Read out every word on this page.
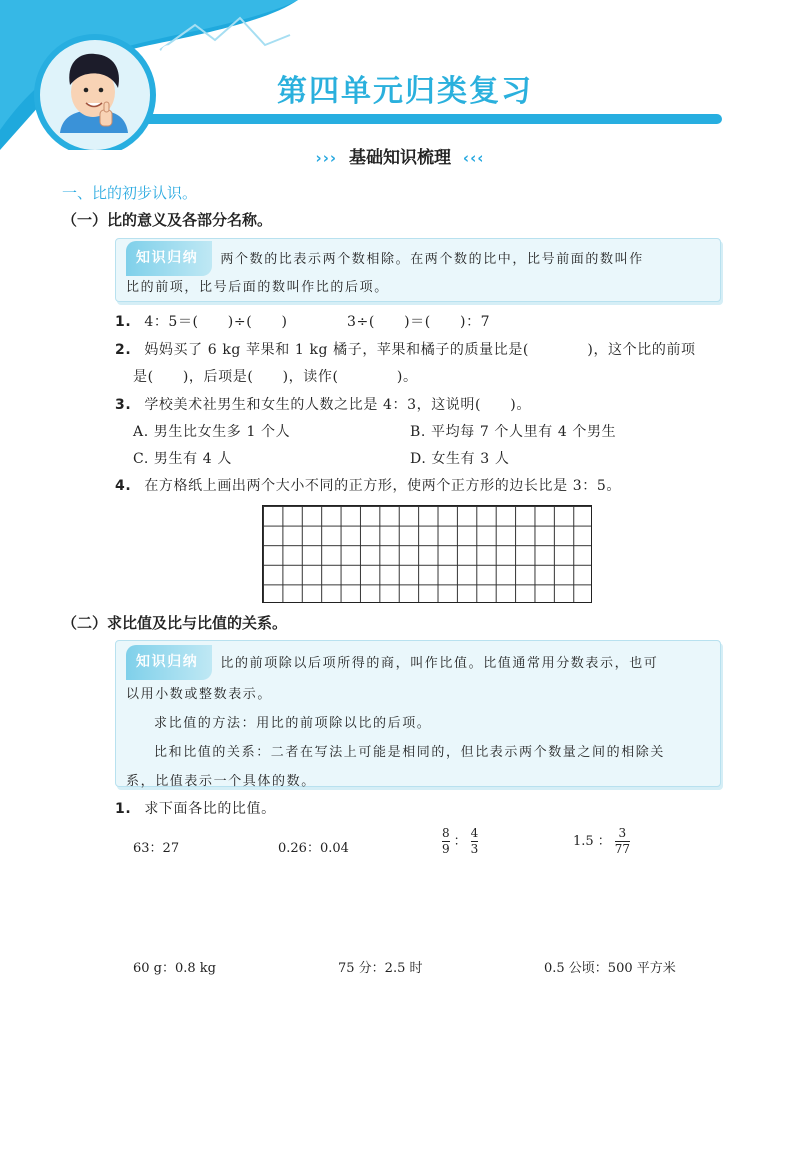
第四单元归类复习
››› 基础知识梳理 ‹‹‹
一、比的初步认识。
（一）比的意义及各部分名称。
知识归纳 两个数的比表示两个数相除。在两个数的比中，比号前面的数叫作
比的前项，比号后面的数叫作比的后项。
1. 4：5＝(　　)÷(　　)	3÷(　　)＝(　　)：7
2. 妈妈买了 6 kg 苹果和 1 kg 橘子，苹果和橘子的质量比是(　　　　)，这个比的前项
是(　　)，后项是(　　)，读作(　　　　)。
3. 学校美术社男生和女生的人数之比是 4：3，这说明(　　)。
A. 男生比女生多 1 个人	B. 平均每 7 个人里有 4 个男生
C. 男生有 4 人	D. 女生有 3 人
4. 在方格纸上画出两个大小不同的正方形，使两个正方形的边长比是 3：5。
（二）求比值及比与比值的关系。
知识归纳 比的前项除以后项所得的商，叫作比值。比值通常用分数表示，也可
以用小数或整数表示。
求比值的方法：用比的前项除以比的后项。
比和比值的关系：二者在写法上可能是相同的，但比表示两个数量之间的相除关
系，比值表示一个具体的数。
1. 求下面各比的比值。
63：27	0.26：0.04	$\frac{8}{9}$ ： $\frac{4}{3}$	1.5 ： $\frac{3}{77}$
60 g：0.8 kg	75 分：2.5 时	0.5 公顷：500 平方米
